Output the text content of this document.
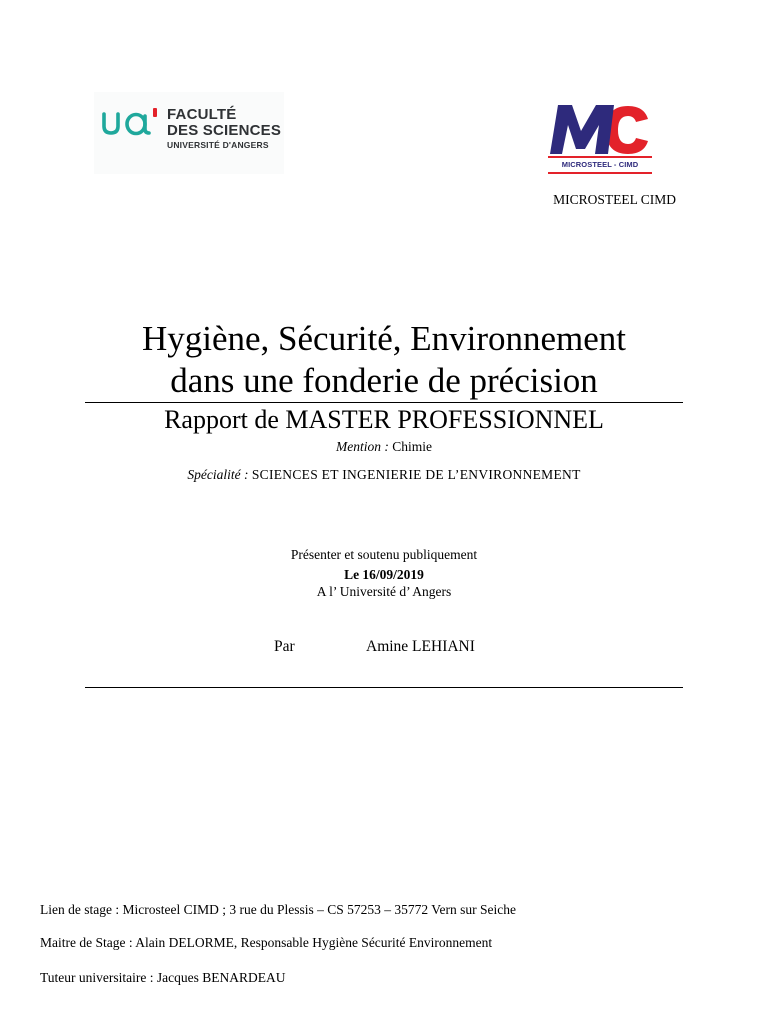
FACULTÉ
DES SCIENCES
UNIVERSITÉ D'ANGERS
MICROSTEEL - CIMD
MICROSTEEL CIMD
Hygiène, Sécurité, Environnement
dans une fonderie de précision
Rapport de MASTER PROFESSIONNEL
Mention : Chimie
Spécialité : SCIENCES ET INGENIERIE DE L’ENVIRONNEMENT
Présenter et soutenu publiquement
Le 16/09/2019
A l’ Université d’ Angers
Par	Amine LEHIANI
Lien de stage : Microsteel CIMD ; 3 rue du Plessis – CS 57253 – 35772 Vern sur Seiche
Maitre de Stage : Alain DELORME, Responsable Hygiène Sécurité Environnement
Tuteur universitaire : Jacques BENARDEAU
